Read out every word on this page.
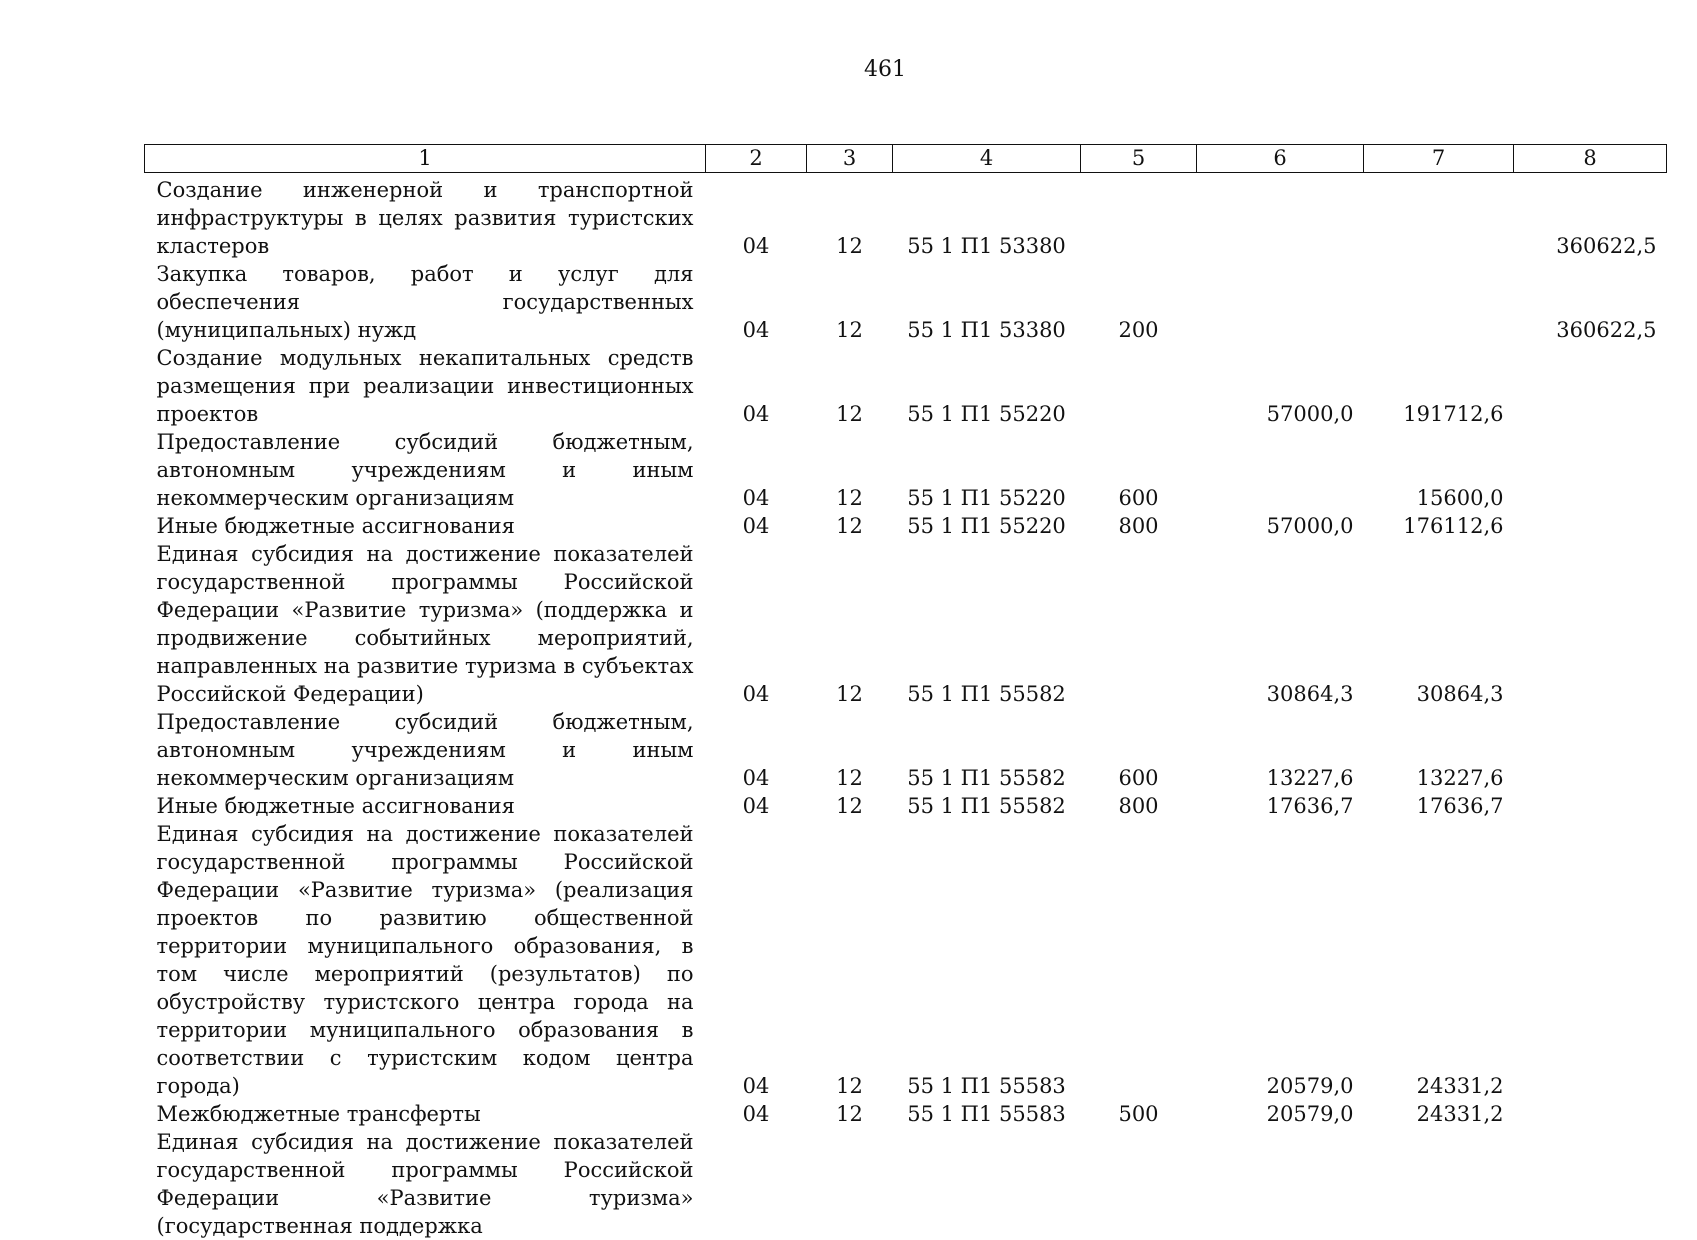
461
1	2	3	4	5	6	7	8
Создание инженерной и транспортной инфраструктуры в целях развития туристских кластеров	04	12	55 1 П1 53380				360622,5
Закупка товаров, работ и услуг для обеспечения государственных (муниципальных) нужд	04	12	55 1 П1 53380	200			360622,5
Создание модульных некапитальных средств размещения при реализации инвестиционных проектов	04	12	55 1 П1 55220		57000,0	191712,6	
Предоставление субсидий бюджетным, автономным учреждениям и иным некоммерческим организациям	04	12	55 1 П1 55220	600		15600,0	
Иные бюджетные ассигнования	04	12	55 1 П1 55220	800	57000,0	176112,6	
Единая субсидия на достижение показателей государственной программы Российской Федерации «Развитие туризма» (поддержка и продвижение событийных мероприятий, направленных на развитие туризма в субъектах Российской Федерации)	04	12	55 1 П1 55582		30864,3	30864,3	
Предоставление субсидий бюджетным, автономным учреждениям и иным некоммерческим организациям	04	12	55 1 П1 55582	600	13227,6	13227,6	
Иные бюджетные ассигнования	04	12	55 1 П1 55582	800	17636,7	17636,7	
Единая субсидия на достижение показателей государственной программы Российской Федерации «Развитие туризма» (реализация проектов по развитию общественной территории муниципального образования, в том числе мероприятий (результатов) по обустройству туристского центра города на территории муниципального образования в соответствии с туристским кодом центра города)	04	12	55 1 П1 55583		20579,0	24331,2	
Межбюджетные трансферты	04	12	55 1 П1 55583	500	20579,0	24331,2	
Единая субсидия на достижение показателей государственной программы Российской Федерации «Развитие туризма» (государственная поддержка							
